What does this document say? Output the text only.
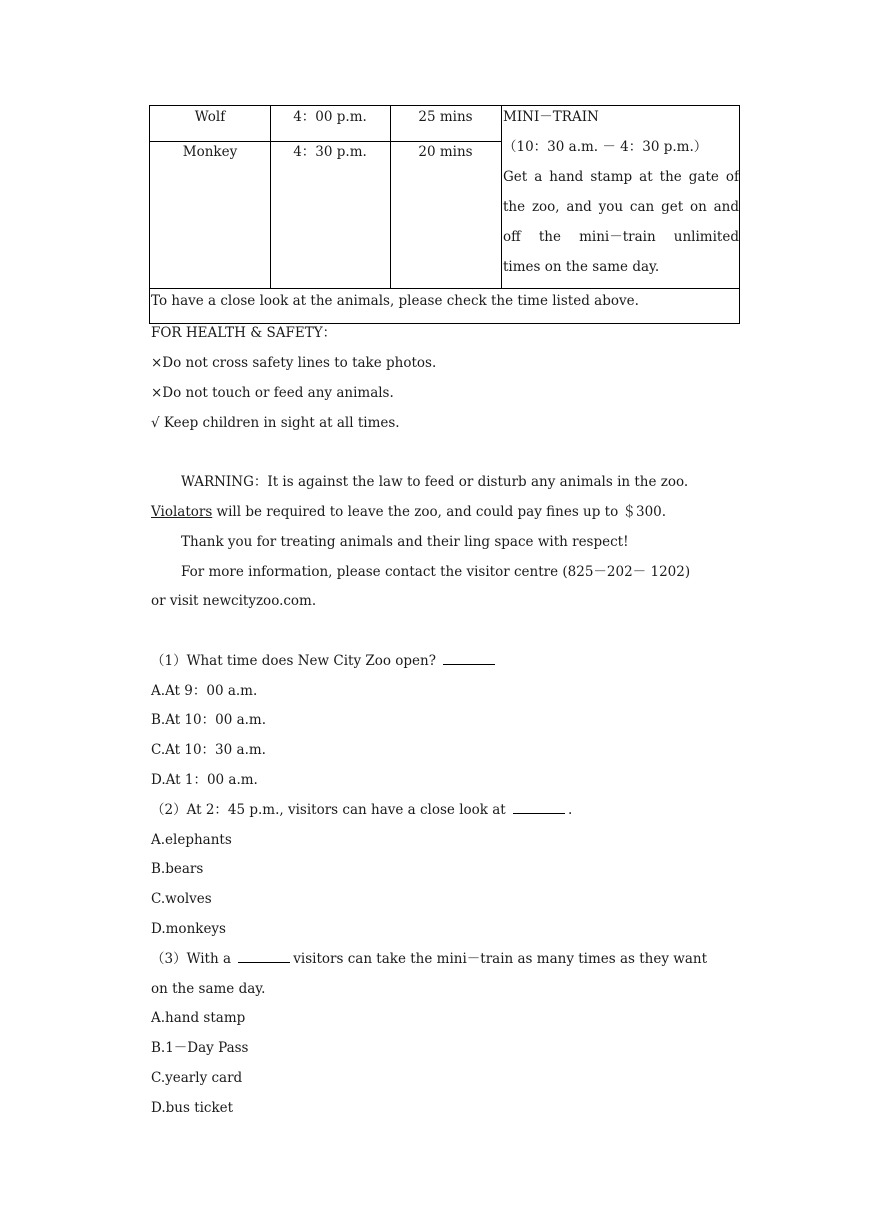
Wolf	4：00 p.m.	25 mins
Monkey	4：30 p.m.	20 mins
MINI－TRAIN
（10：30 a.m. － 4：30 p.m.）
Get a hand stamp at the gate of
the zoo, and you can get on and
off the mini－train unlimited
times on the same day.
To have a close look at the animals, please check the time listed above.
FOR HEALTH & SAFETY：
×Do not cross safety lines to take photos.
×Do not touch or feed any animals.
√ Keep children in sight at all times.
WARNING：It is against the law to feed or disturb any animals in the zoo.
Violators will be required to leave the zoo, and could pay fines up to ＄300.
Thank you for treating animals and their ling space with respect!
For more information, please contact the visitor centre (825－202－ 1202)
or visit newcityzoo.com.
（1）What time does New City Zoo open?
A.At 9：00 a.m.
B.At 10：00 a.m.
C.At 10：30 a.m.
D.At 1：00 a.m.
（2）At 2：45 p.m., visitors can have a close look at	.
A.elephants
B.bears
C.wolves
D.monkeys
（3）With a	visitors can take the mini－train as many times as they want
on the same day.
A.hand stamp
B.1－Day Pass
C.yearly card
D.bus ticket
